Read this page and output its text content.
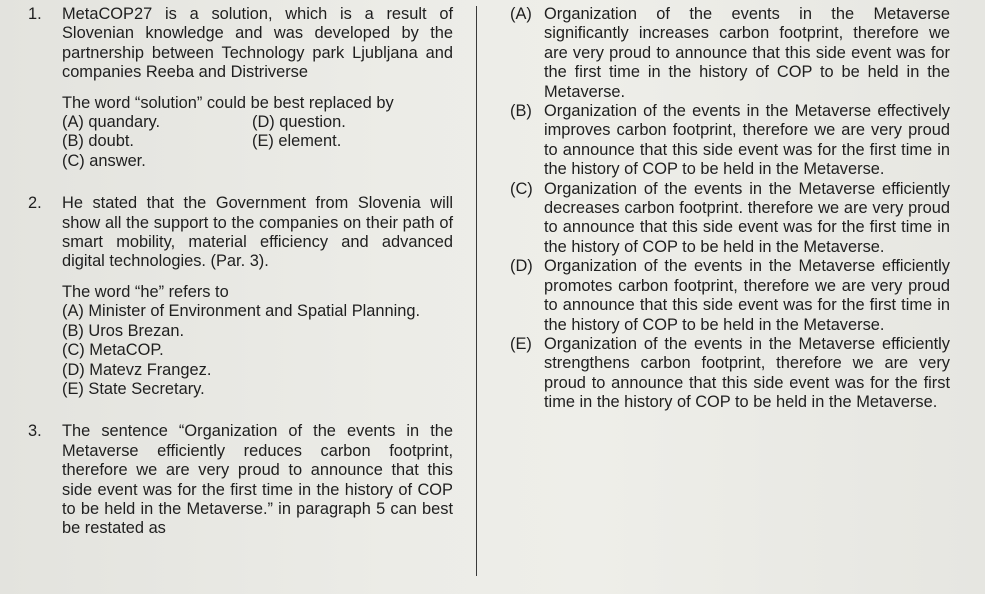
1. MetaCOP27 is a solution, which is a result of Slovenian knowledge and was developed by the partnership between Technology park Ljubljana and companies Reeba and Distriverse
The word “solution” could be best replaced by
(A) quandary.	(D) question.
(B) doubt.	(E) element.
(C) answer.
2. He stated that the Government from Slovenia will show all the support to the companies on their path of smart mobility, material efficiency and advanced digital technologies. (Par. 3).
The word “he” refers to
(A) Minister of Environment and Spatial Planning.
(B) Uros Brezan.
(C) MetaCOP.
(D) Matevz Frangez.
(E) State Secretary.
3. The sentence “Organization of the events in the Metaverse efficiently reduces carbon footprint, therefore we are very proud to announce that this side event was for the first time in the history of COP to be held in the Metaverse.” in paragraph 5 can best be restated as
(A) Organization of the events in the Metaverse significantly increases carbon footprint, therefore we are very proud to announce that this side event was for the first time in the history of COP to be held in the Metaverse.
(B) Organization of the events in the Metaverse effectively improves carbon footprint, therefore we are very proud to announce that this side event was for the first time in the history of COP to be held in the Metaverse.
(C) Organization of the events in the Metaverse efficiently decreases carbon footprint. therefore we are very proud to announce that this side event was for the first time in the history of COP to be held in the Metaverse.
(D) Organization of the events in the Metaverse efficiently promotes carbon footprint, therefore we are very proud to announce that this side event was for the first time in the history of COP to be held in the Metaverse.
(E) Organization of the events in the Metaverse efficiently strengthens carbon footprint, therefore we are very proud to announce that this side event was for the first time in the history of COP to be held in the Metaverse.
